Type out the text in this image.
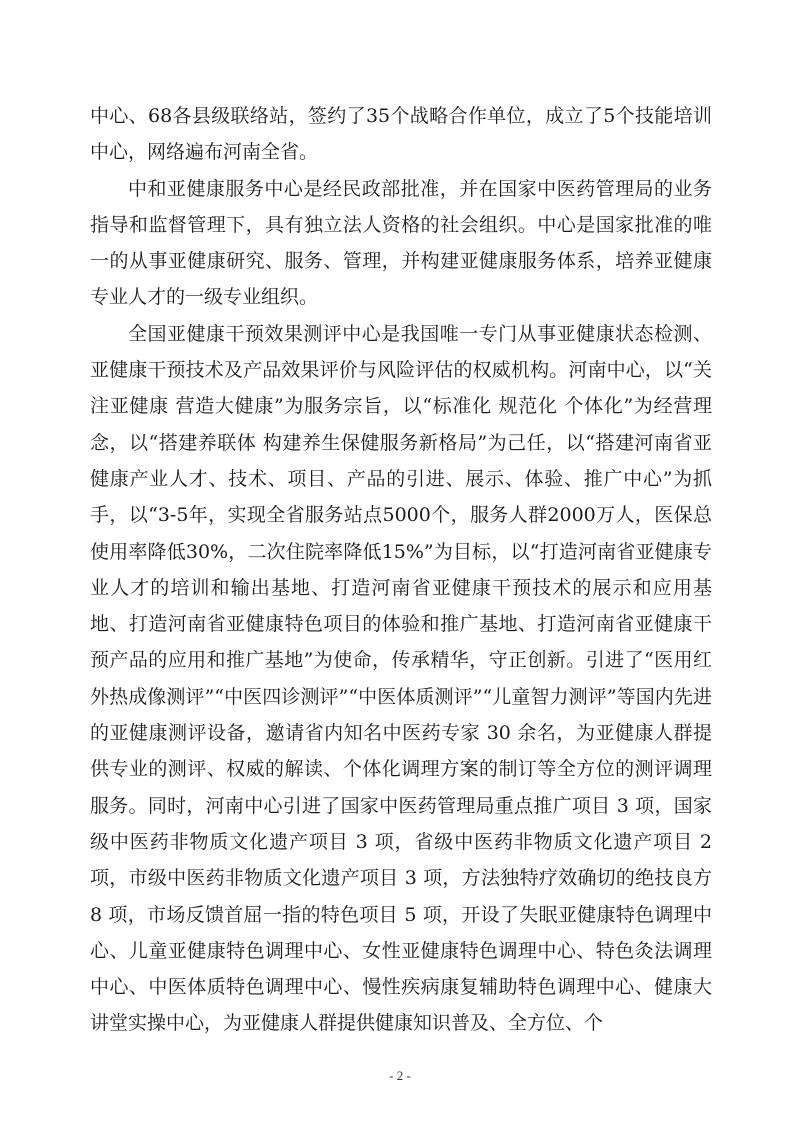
中心、68各县级联络站，签约了35个战略合作单位，成立了5个技能培训中心，网络遍布河南全省。

中和亚健康服务中心是经民政部批准，并在国家中医药管理局的业务指导和监督管理下，具有独立法人资格的社会组织。中心是国家批准的唯一的从事亚健康研究、服务、管理，并构建亚健康服务体系，培养亚健康专业人才的一级专业组织。

全国亚健康干预效果测评中心是我国唯一专门从事亚健康状态检测、亚健康干预技术及产品效果评价与风险评估的权威机构。河南中心，以“关注亚健康 营造大健康”为服务宗旨，以“标准化 规范化 个体化”为经营理念，以“搭建养联体 构建养生保健服务新格局”为己任，以“搭建河南省亚健康产业人才、技术、项目、产品的引进、展示、体验、推广中心”为抓手，以“3-5年，实现全省服务站点5000个，服务人群2000万人，医保总使用率降低30%，二次住院率降低15%”为目标，以“打造河南省亚健康专业人才的培训和输出基地、打造河南省亚健康干预技术的展示和应用基地、打造河南省亚健康特色项目的体验和推广基地、打造河南省亚健康干预产品的应用和推广基地”为使命，传承精华，守正创新。引进了“医用红外热成像测评”“中医四诊测评”“中医体质测评”“儿童智力测评”等国内先进的亚健康测评设备，邀请省内知名中医药专家 30 余名，为亚健康人群提供专业的测评、权威的解读、个体化调理方案的制订等全方位的测评调理服务。同时，河南中心引进了国家中医药管理局重点推广项目 3 项，国家级中医药非物质文化遗产项目 3 项，省级中医药非物质文化遗产项目 2 项，市级中医药非物质文化遗产项目 3 项，方法独特疗效确切的绝技良方 8 项，市场反馈首屈一指的特色项目 5 项，开设了失眠亚健康特色调理中心、儿童亚健康特色调理中心、女性亚健康特色调理中心、特色灸法调理中心、中医体质特色调理中心、慢性疾病康复辅助特色调理中心、健康大讲堂实操中心，为亚健康人群提供健康知识普及、全方位、个

- 2 -
